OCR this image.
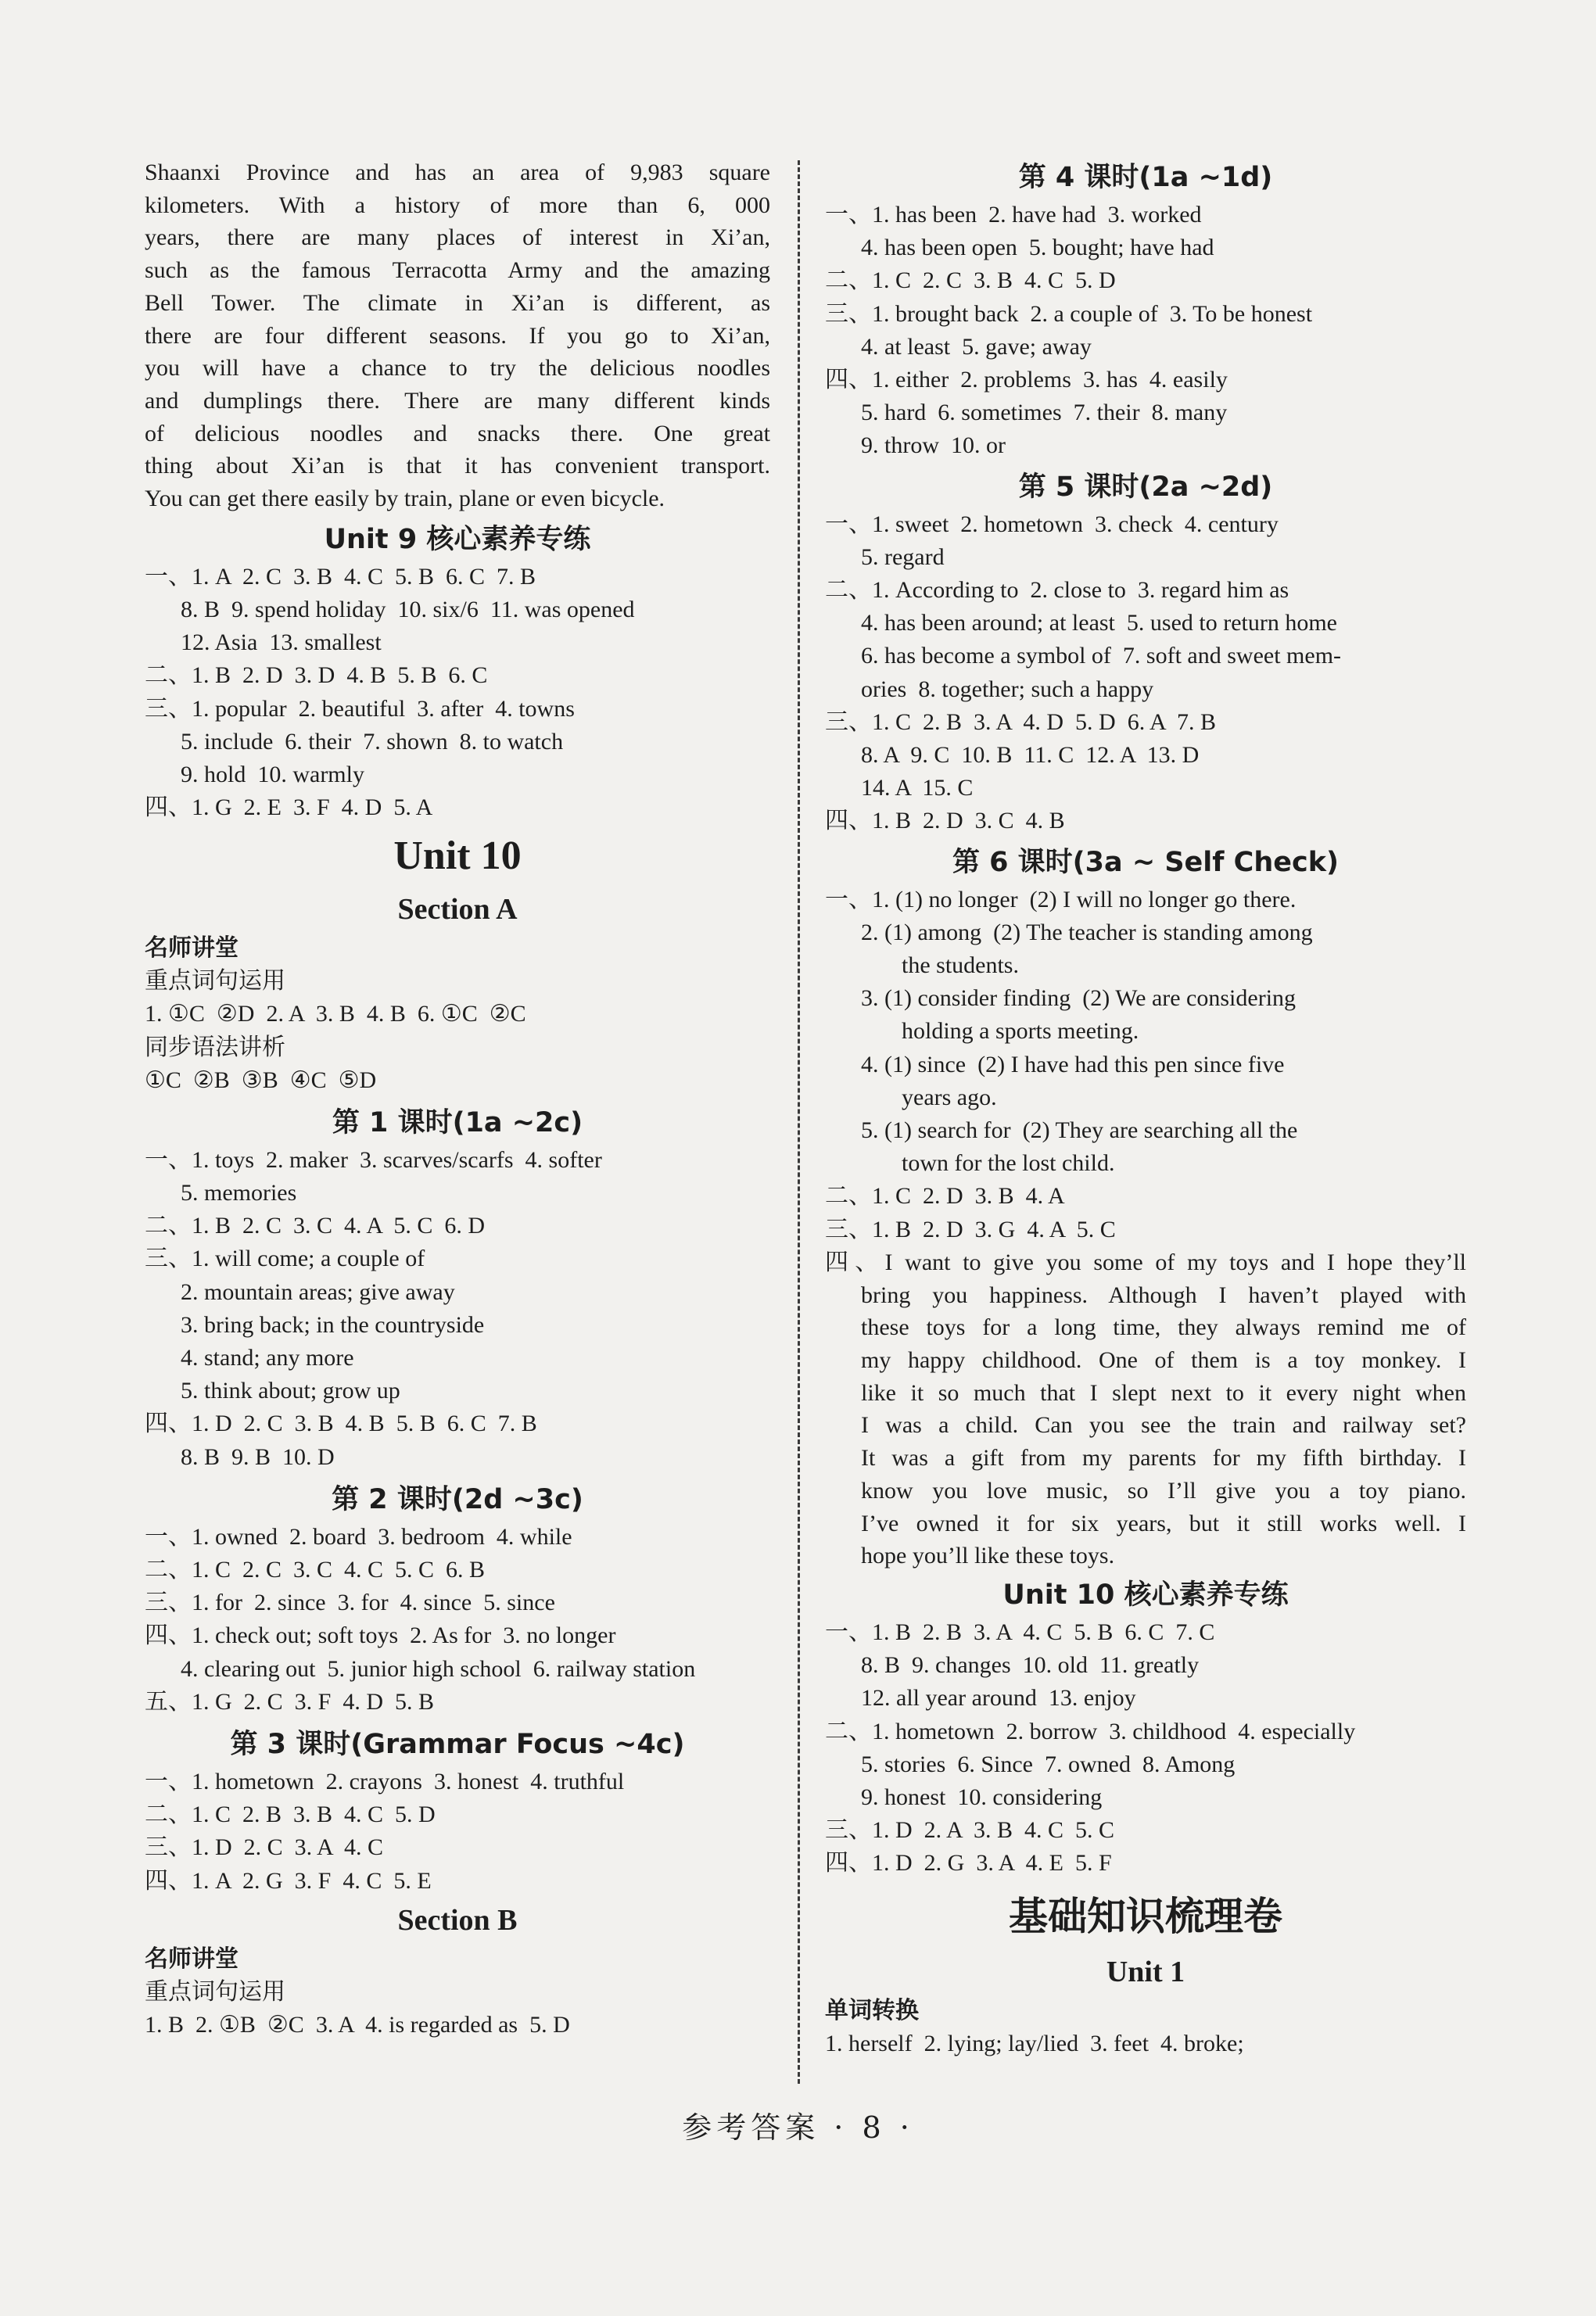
Shaanxi Province and has an area of 9,983 square

kilometers. With a history of more than 6, 000

years, there are many places of interest in Xi’an,

such as the famous Terracotta Army and the amazing

Bell Tower. The climate in Xi’an is different, as

there are four different seasons. If you go to Xi’an,

you will have a chance to try the delicious noodles

and dumplings there. There are many different kinds

of delicious noodles and snacks there. One great

thing about Xi’an is that it has convenient transport.

You can get there easily by train, plane or even bicycle.

Unit 9 核心素养专练

一、1. A  2. C  3. B  4. C  5. B  6. C  7. B

8. B  9. spend holiday  10. six/6  11. was opened

12. Asia  13. smallest

二、1. B  2. D  3. D  4. B  5. B  6. C

三、1. popular  2. beautiful  3. after  4. towns

5. include  6. their  7. shown  8. to watch

9. hold  10. warmly

四、1. G  2. E  3. F  4. D  5. A

Unit 10

Section A

名师讲堂

重点词句运用

1. ①C  ②D  2. A  3. B  4. B  6. ①C  ②C

同步语法讲析

①C  ②B  ③B  ④C  ⑤D

第 1 课时(1a ~2c)

一、1. toys  2. maker  3. scarves/scarfs  4. softer

5. memories

二、1. B  2. C  3. C  4. A  5. C  6. D

三、1. will come; a couple of

2. mountain areas; give away

3. bring back; in the countryside

4. stand; any more

5. think about; grow up

四、1. D  2. C  3. B  4. B  5. B  6. C  7. B

8. B  9. B  10. D

第 2 课时(2d ~3c)

一、1. owned  2. board  3. bedroom  4. while

二、1. C  2. C  3. C  4. C  5. C  6. B

三、1. for  2. since  3. for  4. since  5. since

四、1. check out; soft toys  2. As for  3. no longer

4. clearing out  5. junior high school  6. railway station

五、1. G  2. C  3. F  4. D  5. B

第 3 课时(Grammar Focus ~4c)

一、1. hometown  2. crayons  3. honest  4. truthful

二、1. C  2. B  3. B  4. C  5. D

三、1. D  2. C  3. A  4. C

四、1. A  2. G  3. F  4. C  5. E

Section B

名师讲堂

重点词句运用

1. B  2. ①B  ②C  3. A  4. is regarded as  5. D

第 4 课时(1a ~1d)

一、1. has been  2. have had  3. worked

4. has been open  5. bought; have had

二、1. C  2. C  3. B  4. C  5. D

三、1. brought back  2. a couple of  3. To be honest

4. at least  5. gave; away

四、1. either  2. problems  3. has  4. easily

5. hard  6. sometimes  7. their  8. many

9. throw  10. or

第 5 课时(2a ~2d)

一、1. sweet  2. hometown  3. check  4. century

5. regard

二、1. According to  2. close to  3. regard him as

4. has been around; at least  5. used to return home

6. has become a symbol of  7. soft and sweet mem-

ories  8. together; such a happy

三、1. C  2. B  3. A  4. D  5. D  6. A  7. B

8. A  9. C  10. B  11. C  12. A  13. D

14. A  15. C

四、1. B  2. D  3. C  4. B

第 6 课时(3a ~ Self Check)

一、1. (1) no longer  (2) I will no longer go there.

2. (1) among  (2) The teacher is standing among

the students.

3. (1) consider finding  (2) We are considering

holding a sports meeting.

4. (1) since  (2) I have had this pen since five

years ago.

5. (1) search for  (2) They are searching all the

town for the lost child.

二、1. C  2. D  3. B  4. A

三、1. B  2. D  3. G  4. A  5. C

四、I want to give you some of my toys and I hope they’ll

bring you happiness. Although I haven’t played with

these toys for a long time, they always remind me of

my happy childhood. One of them is a toy monkey. I

like it so much that I slept next to it every night when

I was a child. Can you see the train and railway set?

It was a gift from my parents for my fifth birthday. I

know you love music, so I’ll give you a toy piano.

I’ve owned it for six years, but it still works well. I

hope you’ll like these toys.

Unit 10 核心素养专练

一、1. B  2. B  3. A  4. C  5. B  6. C  7. C

8. B  9. changes  10. old  11. greatly

12. all year around  13. enjoy

二、1. hometown  2. borrow  3. childhood  4. especially

5. stories  6. Since  7. owned  8. Among

9. honest  10. considering

三、1. D  2. A  3. B  4. C  5. C

四、1. D  2. G  3. A  4. E  5. F

基础知识梳理卷

Unit 1

单词转换

1. herself  2. lying; lay/lied  3. feet  4. broke;

参考答案 · 8 ·
